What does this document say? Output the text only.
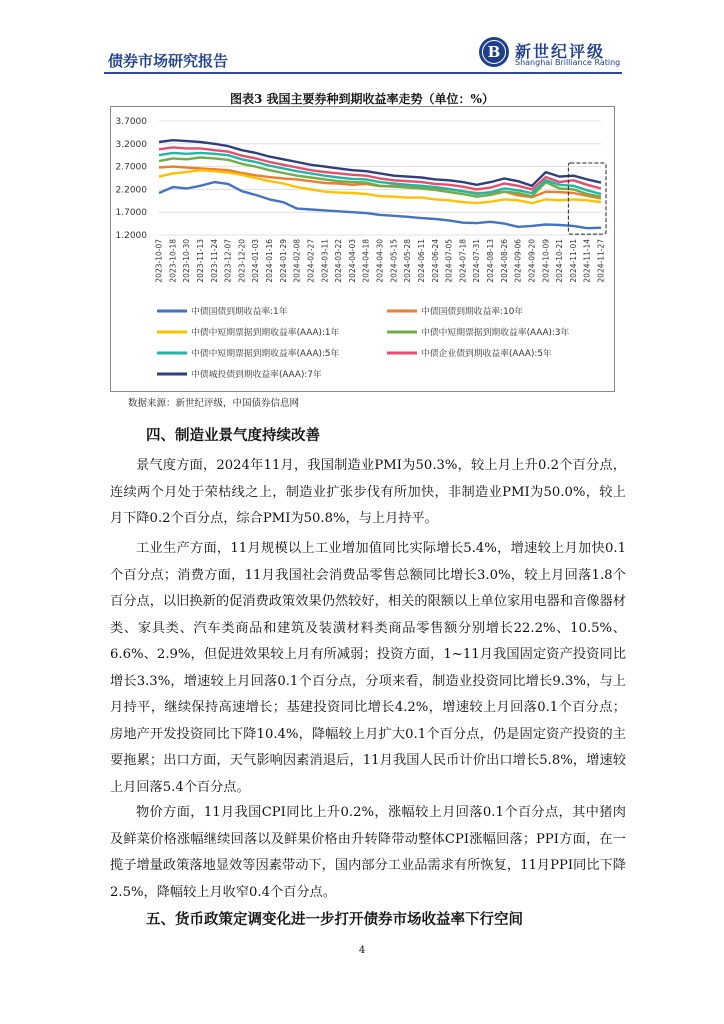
债券市场研究报告	B 新世纪评级
Shanghai Brilliance Rating
图表3 我国主要券种到期收益率走势（单位：%）
3.7000
3.2000
2.7000
2.2000
1.7000
1.2000
2023-10-07 2023-10-18 2023-10-30 2023-11-13 2023-11-24 2023-12-07 2023-12-20 2024-01-03 2024-01-16 2024-01-29 2024-02-08 2024-02-27 2024-03-11 2024-03-22 2024-04-03 2024-04-18 2024-04-30 2024-05-15 2024-05-28 2024-06-11 2024-06-24 2024-07-05 2024-07-18 2024-07-31 2024-08-13 2024-08-26 2024-09-06 2024-09-20 2024-10-09 2024-10-21 2024-11-01 2024-11-14 2024-11-27
中债国债到期收益率:1年	中债国债到期收益率:10年
中债中短期票据到期收益率(AAA):1年	中债中短期票据到期收益率(AAA):3年
中债中短期票据到期收益率(AAA):5年	中债企业债到期收益率(AAA):5年
中债城投债到期收益率(AAA):7年
数据来源：新世纪评级，中国债券信息网
四、制造业景气度持续改善

景气度方面，2024年11月，我国制造业PMI为50.3%，较上月上升0.2个百分点，连续两个月处于荣枯线之上，制造业扩张步伐有所加快，非制造业PMI为50.0%，较上月下降0.2个百分点，综合PMI为50.8%，与上月持平。

工业生产方面，11月规模以上工业增加值同比实际增长5.4%，增速较上月加快0.1个百分点；消费方面，11月我国社会消费品零售总额同比增长3.0%，较上月回落1.8个百分点，以旧换新的促消费政策效果仍然较好，相关的限额以上单位家用电器和音像器材类、家具类、汽车类商品和建筑及装潢材料类商品零售额分别增长22.2%、10.5%、6.6%、2.9%，但促进效果较上月有所减弱；投资方面，1~11月我国固定资产投资同比增长3.3%，增速较上月回落0.1个百分点，分项来看，制造业投资同比增长9.3%，与上月持平，继续保持高速增长；基建投资同比增长4.2%，增速较上月回落0.1个百分点；房地产开发投资同比下降10.4%，降幅较上月扩大0.1个百分点，仍是固定资产投资的主要拖累；出口方面，天气影响因素消退后，11月我国人民币计价出口增长5.8%，增速较上月回落5.4个百分点。

物价方面，11月我国CPI同比上升0.2%，涨幅较上月回落0.1个百分点，其中猪肉及鲜菜价格涨幅继续回落以及鲜果价格由升转降带动整体CPI涨幅回落；PPI方面，在一揽子增量政策落地显效等因素带动下，国内部分工业品需求有所恢复，11月PPI同比下降2.5%，降幅较上月收窄0.4个百分点。

五、货币政策定调变化进一步打开债券市场收益率下行空间
4
